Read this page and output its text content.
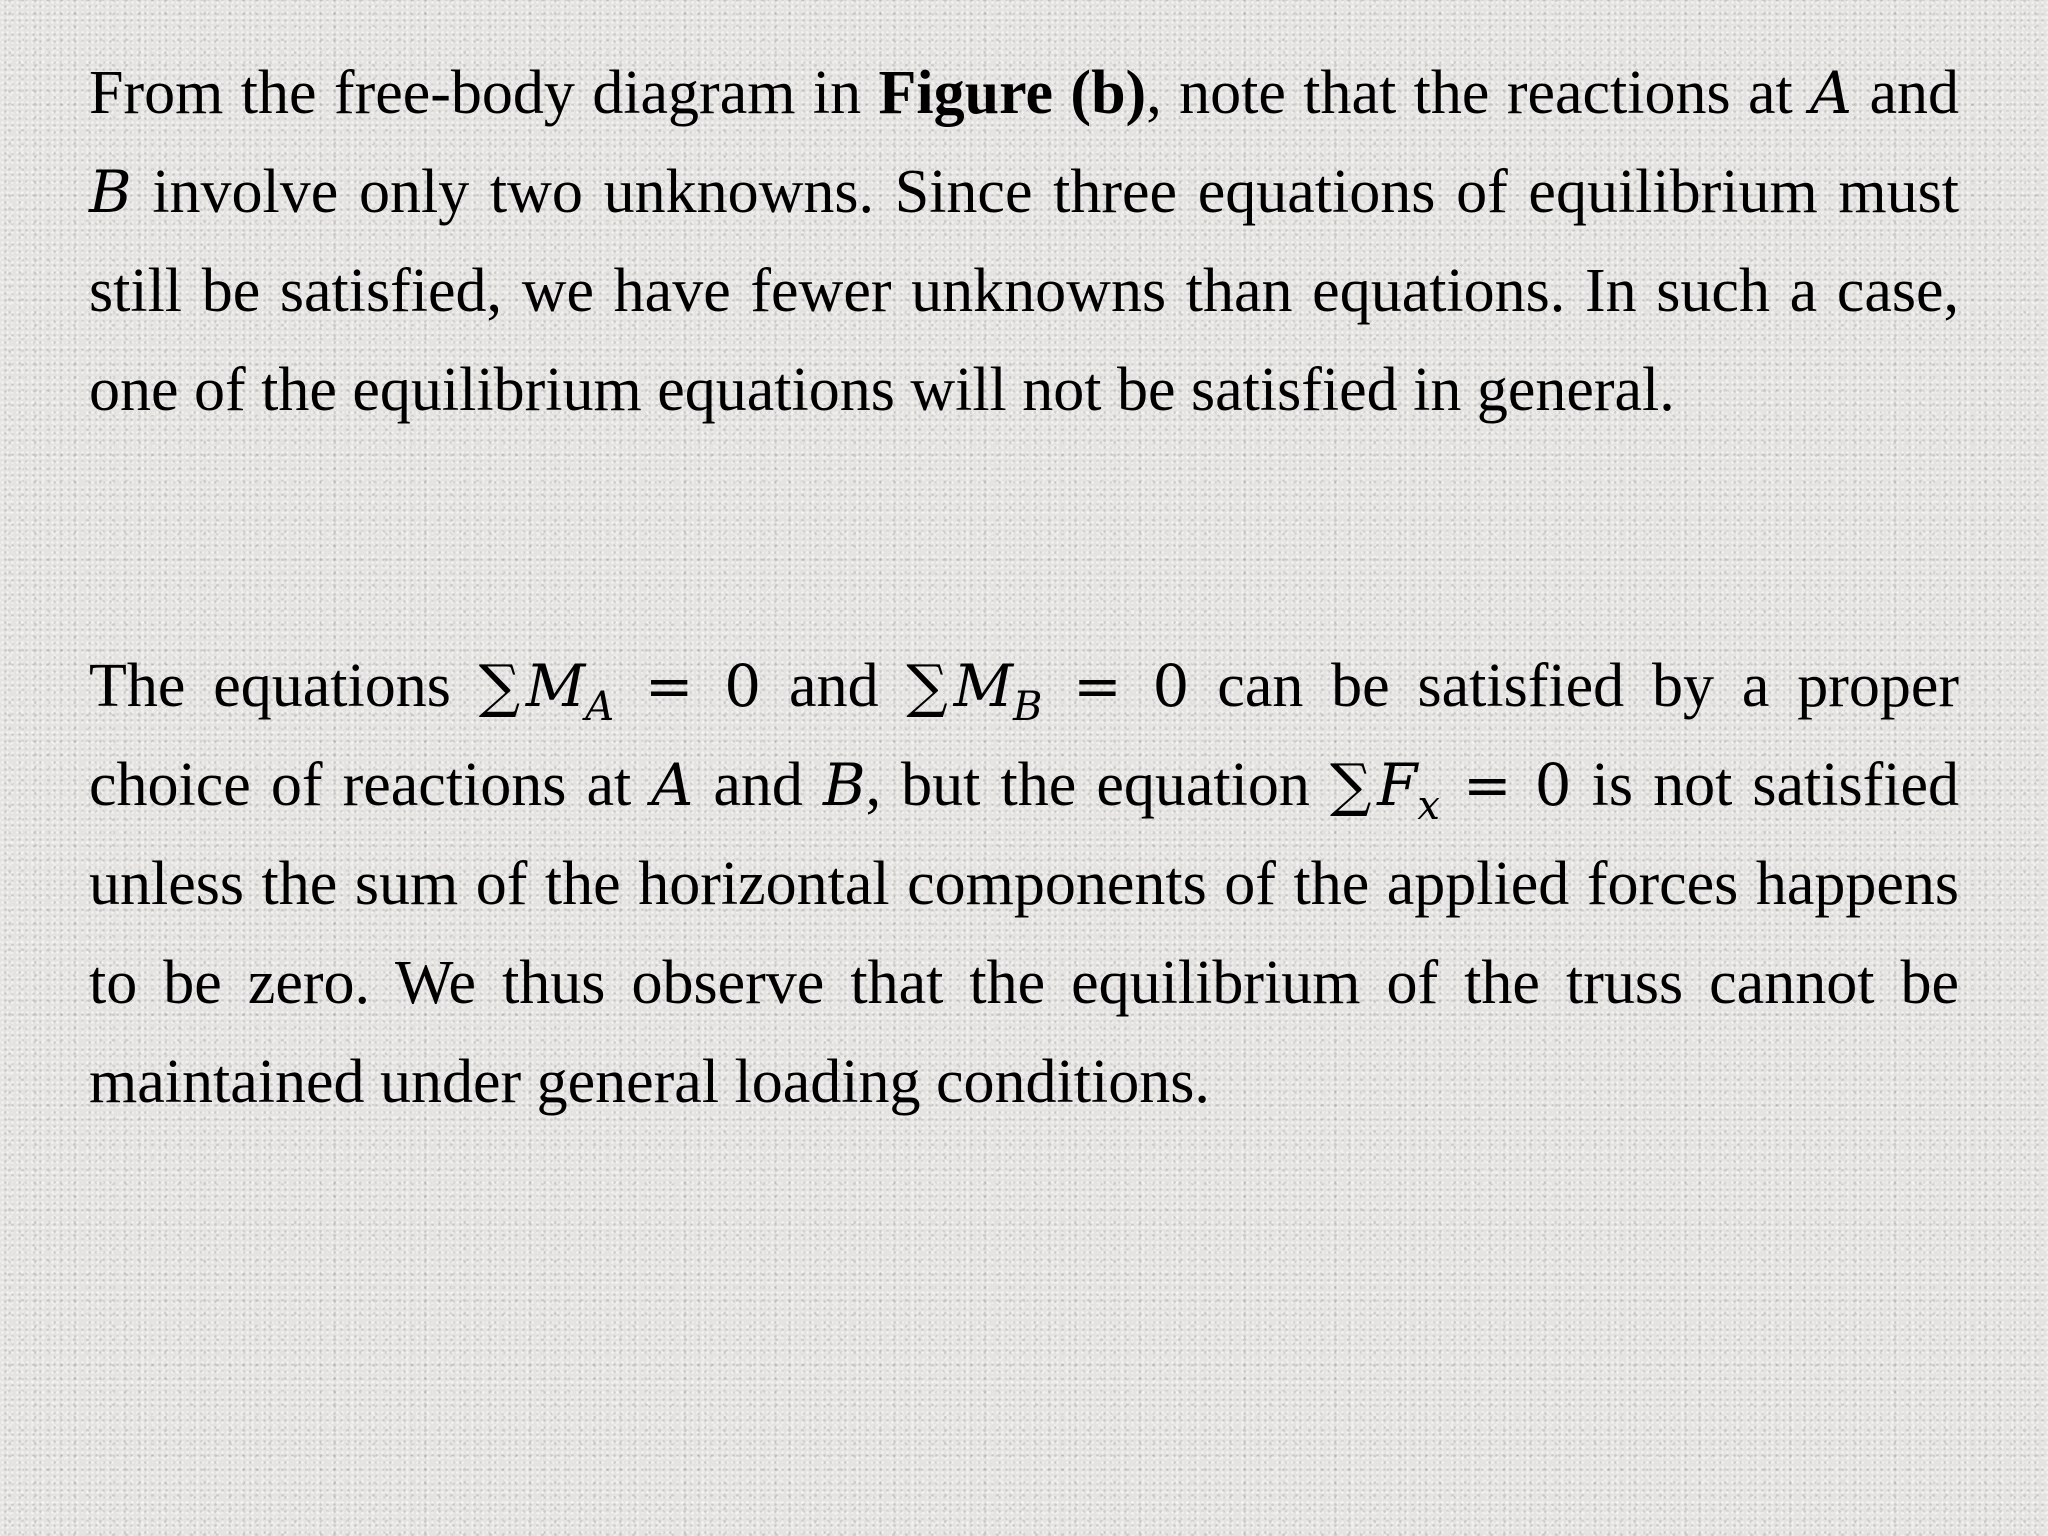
From the free-body diagram in Figure (b), note that the reactions at A and B involve only two unknowns. Since three equations of equilibrium must still be satisfied, we have fewer unknowns than equations. In such a case, one of the equilibrium equations will not be satisfied in general.

The equations ∑ $M_A = 0$ and ∑ $M_B = 0$ can be satisfied by a proper choice of reactions at A and B, but the equation ∑ $F_x = 0$ is not satisfied unless the sum of the horizontal components of the applied forces happens to be zero. We thus observe that the equilibrium of the truss cannot be maintained under general loading conditions.
